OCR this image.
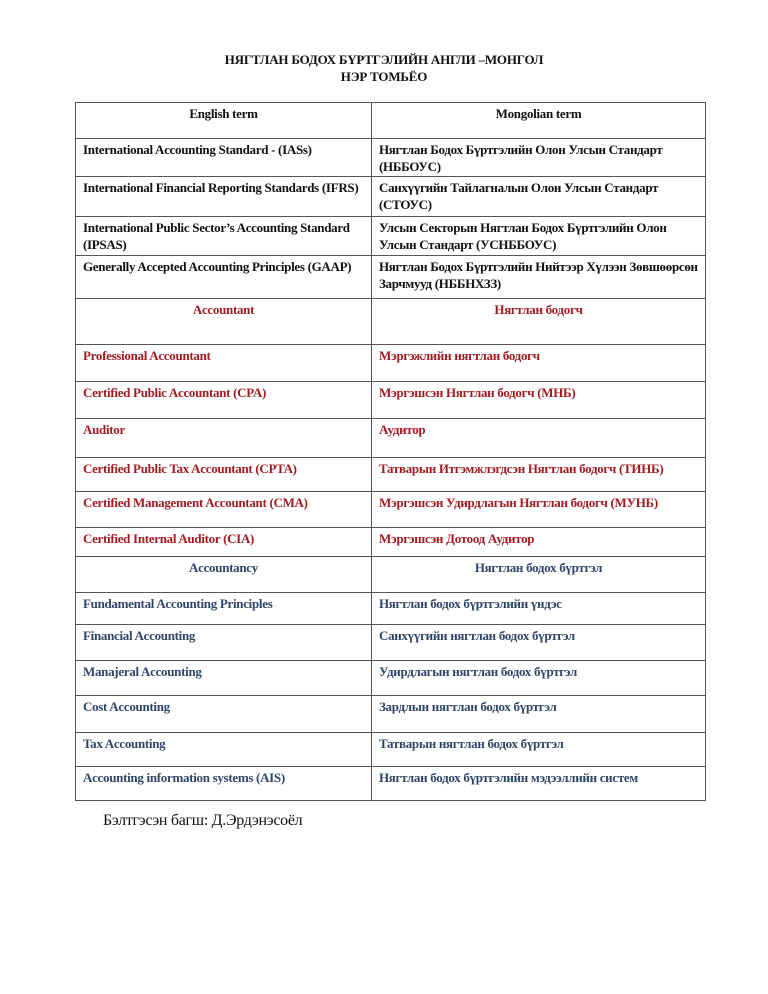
НЯГТЛАН БОДОХ БҮРТГЭЛИЙН АНГЛИ –МОНГОЛ
НЭР ТОМЬЁО
English term	Mongolian term
International Accounting Standard - (IASs)	Нягтлан Бодох Бүртгэлийн Олон Улсын Стандарт (НББОУС)
International Financial Reporting Standards (IFRS)	Санхүүгийн Тайлагналын Олон Улсын Стандарт (СТОУС)
International Public Sector’s Accounting Standard (IPSAS)	Улсын Секторын Нягтлан Бодох Бүртгэлийн Олон Улсын Стандарт (УСНББОУС)
Generally Accepted Accounting Principles (GAAP)	Нягтлан Бодох Бүртгэлийн Нийтээр Хүлээн Зөвшөөрсөн Зарчмууд (НББНХЗЗ)
Accountant	Нягтлан бодогч
Professional Accountant	Мэргэжлийн нягтлан бодогч
Certified Public Accountant (CPA)	Мэргэшсэн Нягтлан бодогч (МНБ)
Auditor	Аудитор
Certified Public Tax Accountant (CPTA)	Татварын Итгэмжлэгдсэн Нягтлан бодогч (ТИНБ)
Certified Management Accountant (CMA)	Мэргэшсэн Удирдлагын Нягтлан бодогч (МУНБ)
Certified Internal Auditor (CIA)	Мэргэшсэн Дотоод Аудитор
Accountancy	Нягтлан бодох бүртгэл
Fundamental Accounting Principles	Нягтлан бодох бүртгэлийн үндэс
Financial Accounting	Санхүүгийн нягтлан бодох бүртгэл
Manajeral Accounting	Удирдлагын нягтлан бодох бүртгэл
Cost Accounting	Зардлын нягтлан бодох бүртгэл
Tax Accounting	Татварын нягтлан бодох бүртгэл
Accounting information systems (AIS)	Нягтлан бодох бүртгэлийн мэдээллийн систем
Бэлтгэсэн багш: Д.Эрдэнэсоёл
